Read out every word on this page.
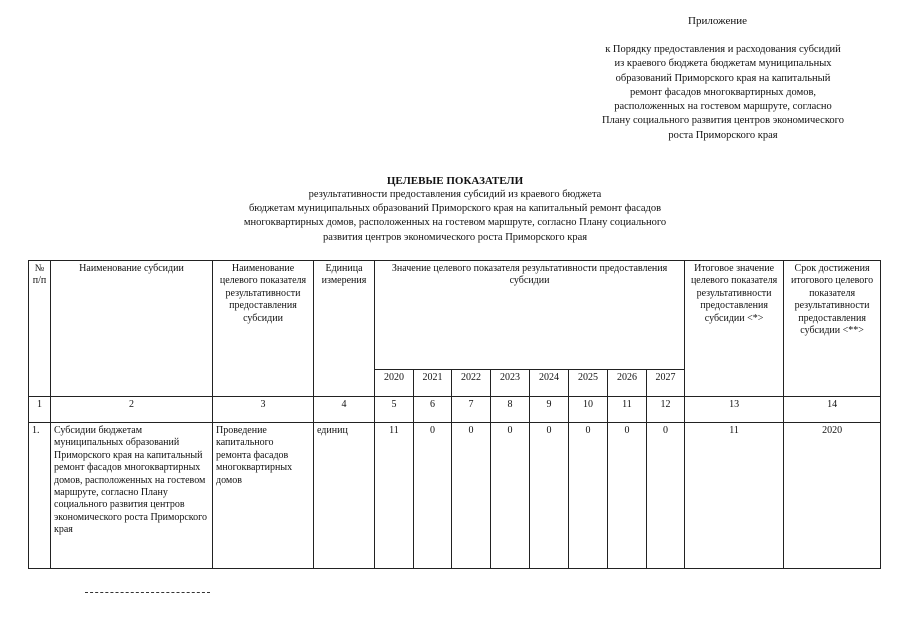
Приложение
к Порядку предоставления и расходования субсидий
из краевого бюджета бюджетам муниципальных
образований Приморского края на капитальный
ремонт фасадов многоквартирных домов,
расположенных на гостевом маршруте, согласно
Плану социального развития центров экономического
роста Приморского края
ЦЕЛЕВЫЕ ПОКАЗАТЕЛИ
результативности предоставления субсидий из краевого бюджета
бюджетам муниципальных образований Приморского края на капитальный ремонт фасадов
многоквартирных домов, расположенных на гостевом маршруте, согласно Плану социального
развития центров экономического роста Приморского края
№ п/п	Наименование субсидии	Наименование целевого показателя результативности предоставления субсидии	Единица измерения	Значение целевого показателя результативности предоставления субсидии								Итоговое значение целевого показателя результативности предоставления субсидии <*>	Срок достижения итогового целевого показателя результативности предоставления субсидии <**>
				2020	2021	2022	2023	2024	2025	2026	2027		
1	2	3	4	5	6	7	8	9	10	11	12	13	14
1.	Субсидии бюджетам муниципальных образований Приморского края на капитальный ремонт фасадов многоквартирных домов, расположенных на гостевом маршруте, согласно Плану социального развития центров экономического роста Приморского края	Проведение капитального ремонта фасадов многоквартирных домов	единиц	11	0	0	0	0	0	0	0	11	2020
